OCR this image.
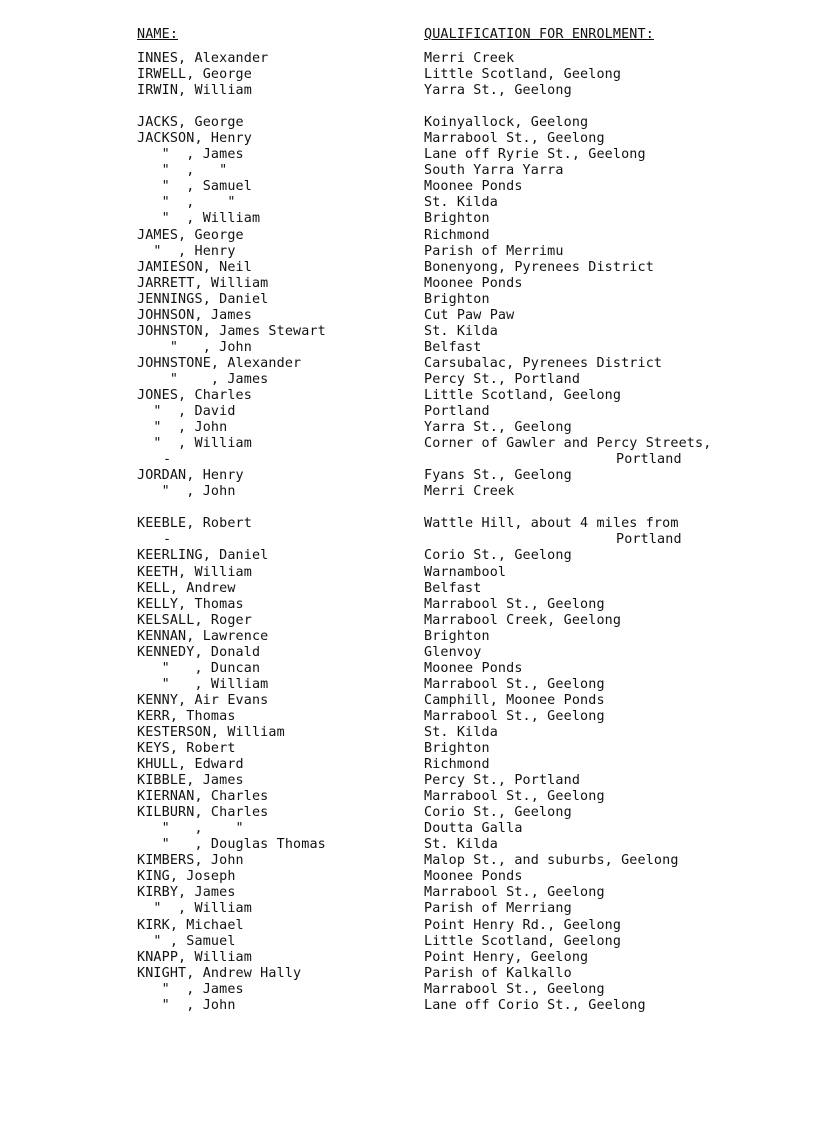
NAME:	QUALIFICATION FOR ENROLMENT:
INNES, Alexander	Merri Creek
IRWELL, George	Little Scotland, Geelong
IRWIN, William	Yarra St., Geelong
JACKS, George	Koinyallock, Geelong
JACKSON, Henry	Marrabool St., Geelong
"  , James	Lane off Ryrie St., Geelong
"  ,   "	South Yarra Yarra
"  , Samuel	Moonee Ponds
"  ,    "	St. Kilda
"  , William	Brighton
JAMES, George	Richmond
"  , Henry	Parish of Merrimu
JAMIESON, Neil	Bonenyong, Pyrenees District
JARRETT, William	Moonee Ponds
JENNINGS, Daniel	Brighton
JOHNSON, James	Cut Paw Paw
JOHNSTON, James Stewart	St. Kilda
"   , John	Belfast
JOHNSTONE, Alexander	Carsubalac, Pyrenees District
"    , James	Percy St., Portland
JONES, Charles	Little Scotland, Geelong
"  , David	Portland
"  , John	Yarra St., Geelong
"  , William	Corner of Gawler and Percy Streets,
-	Portland
JORDAN, Henry	Fyans St., Geelong
"  , John	Merri Creek
KEEBLE, Robert	Wattle Hill, about 4 miles from
-	Portland
KEERLING, Daniel	Corio St., Geelong
KEETH, William	Warnambool
KELL, Andrew	Belfast
KELLY, Thomas	Marrabool St., Geelong
KELSALL, Roger	Marrabool Creek, Geelong
KENNAN, Lawrence	Brighton
KENNEDY, Donald	Glenvoy
"   , Duncan	Moonee Ponds
"   , William	Marrabool St., Geelong
KENNY, Air Evans	Camphill, Moonee Ponds
KERR, Thomas	Marrabool St., Geelong
KESTERSON, William	St. Kilda
KEYS, Robert	Brighton
KHULL, Edward	Richmond
KIBBLE, James	Percy St., Portland
KIERNAN, Charles	Marrabool St., Geelong
KILBURN, Charles	Corio St., Geelong
"   ,    "	Doutta Galla
"   , Douglas Thomas	St. Kilda
KIMBERS, John	Malop St., and suburbs, Geelong
KING, Joseph	Moonee Ponds
KIRBY, James	Marrabool St., Geelong
"  , William	Parish of Merriang
KIRK, Michael	Point Henry Rd., Geelong
" , Samuel	Little Scotland, Geelong
KNAPP, William	Point Henry, Geelong
KNIGHT, Andrew Hally	Parish of Kalkallo
"  , James	Marrabool St., Geelong
"  , John	Lane off Corio St., Geelong
